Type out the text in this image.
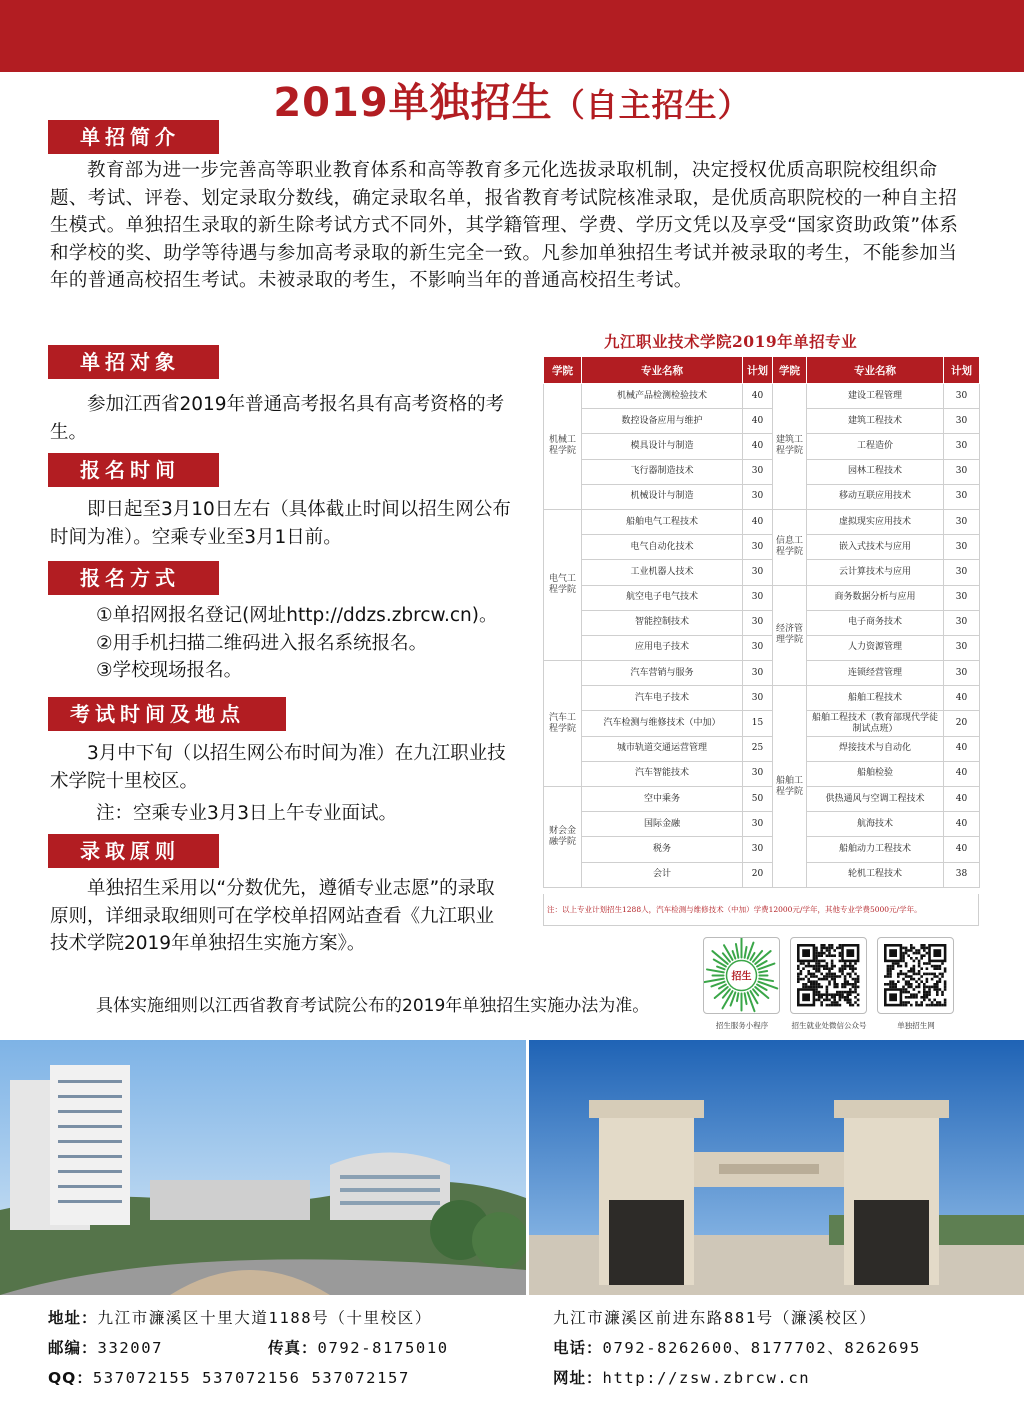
2019单独招生（自主招生）
单招简介
教育部为进一步完善高等职业教育体系和高等教育多元化选拔录取机制，决定授权优质高职院校组织命题、考试、评卷、划定录取分数线，确定录取名单，报省教育考试院核准录取，是优质高职院校的一种自主招生模式。单独招生录取的新生除考试方式不同外，其学籍管理、学费、学历文凭以及享受“国家资助政策”体系和学校的奖、助学等待遇与参加高考录取的新生完全一致。凡参加单独招生考试并被录取的考生，不能参加当年的普通高校招生考试。未被录取的考生，不影响当年的普通高校招生考试。
单招对象
参加江西省2019年普通高考报名具有高考资格的考生。
报名时间
即日起至3月10日左右（具体截止时间以招生网公布时间为准）。空乘专业至3月1日前。
报名方式
①单招网报名登记(网址http://ddzs.zbrcw.cn)。
②用手机扫描二维码进入报名系统报名。
③学校现场报名。
考试时间及地点
3月中下旬（以招生网公布时间为准）在九江职业技术学院十里校区。
注：空乘专业3月3日上午专业面试。
录取原则
单独招生采用以“分数优先，遵循专业志愿”的录取原则，详细录取细则可在学校单招网站查看《九江职业技术学院2019年单独招生实施方案》。
具体实施细则以江西省教育考试院公布的2019年单独招生实施办法为准。
九江职业技术学院2019年单招专业
学院	专业名称	计划	学院	专业名称	计划
机械工程学院	机械产品检测检验技术	40	建筑工程学院	建设工程管理	30
	数控设备应用与维护	40		建筑工程技术	30
	模具设计与制造	40		工程造价	30
	飞行器制造技术	30		园林工程技术	30
	机械设计与制造	30		移动互联应用技术	30
电气工程学院	船舶电气工程技术	40	信息工程学院	虚拟现实应用技术	30
	电气自动化技术	30		嵌入式技术与应用	30
	工业机器人技术	30		云计算技术与应用	30
	航空电子电气技术	30	经济管理学院	商务数据分析与应用	30
	智能控制技术	30		电子商务技术	30
	应用电子技术	30		人力资源管理	30
汽车工程学院	汽车营销与服务	30		连锁经营管理	30
	汽车电子技术	30	船舶工程学院	船舶工程技术	40
	汽车检测与维修技术（中加）	15		船舶工程技术（教育部现代学徒制试点班）	20
	城市轨道交通运营管理	25		焊接技术与自动化	40
	汽车智能技术	30		船舶检验	40
财会金融学院	空中乘务	50		供热通风与空调工程技术	40
	国际金融	30		航海技术	40
	税务	30		船舶动力工程技术	40
	会计	20		轮机工程技术	38
注：以上专业计划招生1288人，汽车检测与维修技术（中加）学费12000元/学年，其他专业学费5000元/学年。
招生
招生服务小程序	招生就业处微信公众号	单独招生网
地址：九江市濂溪区十里大道1188号（十里校区）	九江市濂溪区前进东路881号（濂溪校区）
邮编：332007	传真：0792-8175010	电话：0792-8262600、8177702、8262695
QQ：537072155 537072156 537072157	网址：http://zsw.zbrcw.cn
